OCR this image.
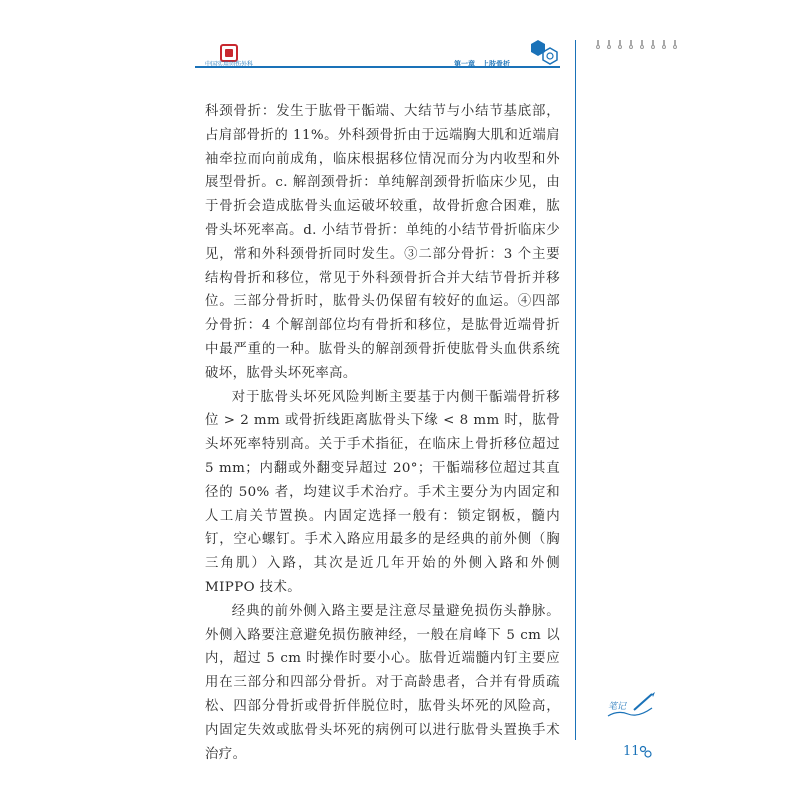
中国实用创伤外科	第一章　上肢骨折

科颈骨折：发生于肱骨干骺端、大结节与小结节基底部，占肩部骨折的 11%。外科颈骨折由于远端胸大肌和近端肩袖牵拉而向前成角，临床根据移位情况而分为内收型和外展型骨折。c. 解剖颈骨折：单纯解剖颈骨折临床少见，由于骨折会造成肱骨头血运破坏较重，故骨折愈合困难，肱骨头坏死率高。d. 小结节骨折：单纯的小结节骨折临床少见，常和外科颈骨折同时发生。③二部分骨折：3 个主要结构骨折和移位，常见于外科颈骨折合并大结节骨折并移位。三部分骨折时，肱骨头仍保留有较好的血运。④四部分骨折：4 个解剖部位均有骨折和移位，是肱骨近端骨折中最严重的一种。肱骨头的解剖颈骨折使肱骨头血供系统破坏，肱骨头坏死率高。

对于肱骨头坏死风险判断主要基于内侧干骺端骨折移位 > 2 mm 或骨折线距离肱骨头下缘 < 8 mm 时，肱骨头坏死率特别高。关于手术指征，在临床上骨折移位超过 5 mm；内翻或外翻变异超过 20°；干骺端移位超过其直径的 50% 者，均建议手术治疗。手术主要分为内固定和人工肩关节置换。内固定选择一般有：锁定钢板，髓内钉，空心螺钉。手术入路应用最多的是经典的前外侧（胸三角肌）入路，其次是近几年开始的外侧入路和外侧 MIPPO 技术。

经典的前外侧入路主要是注意尽量避免损伤头静脉。外侧入路要注意避免损伤腋神经，一般在肩峰下 5 cm 以内，超过 5 cm 时操作时要小心。肱骨近端髓内钉主要应用在三部分和四部分骨折。对于高龄患者，合并有骨质疏松、四部分骨折或骨折伴脱位时，肱骨头坏死的风险高，内固定失效或肱骨头坏死的病例可以进行肱骨头置换手术治疗。

笔记
11
